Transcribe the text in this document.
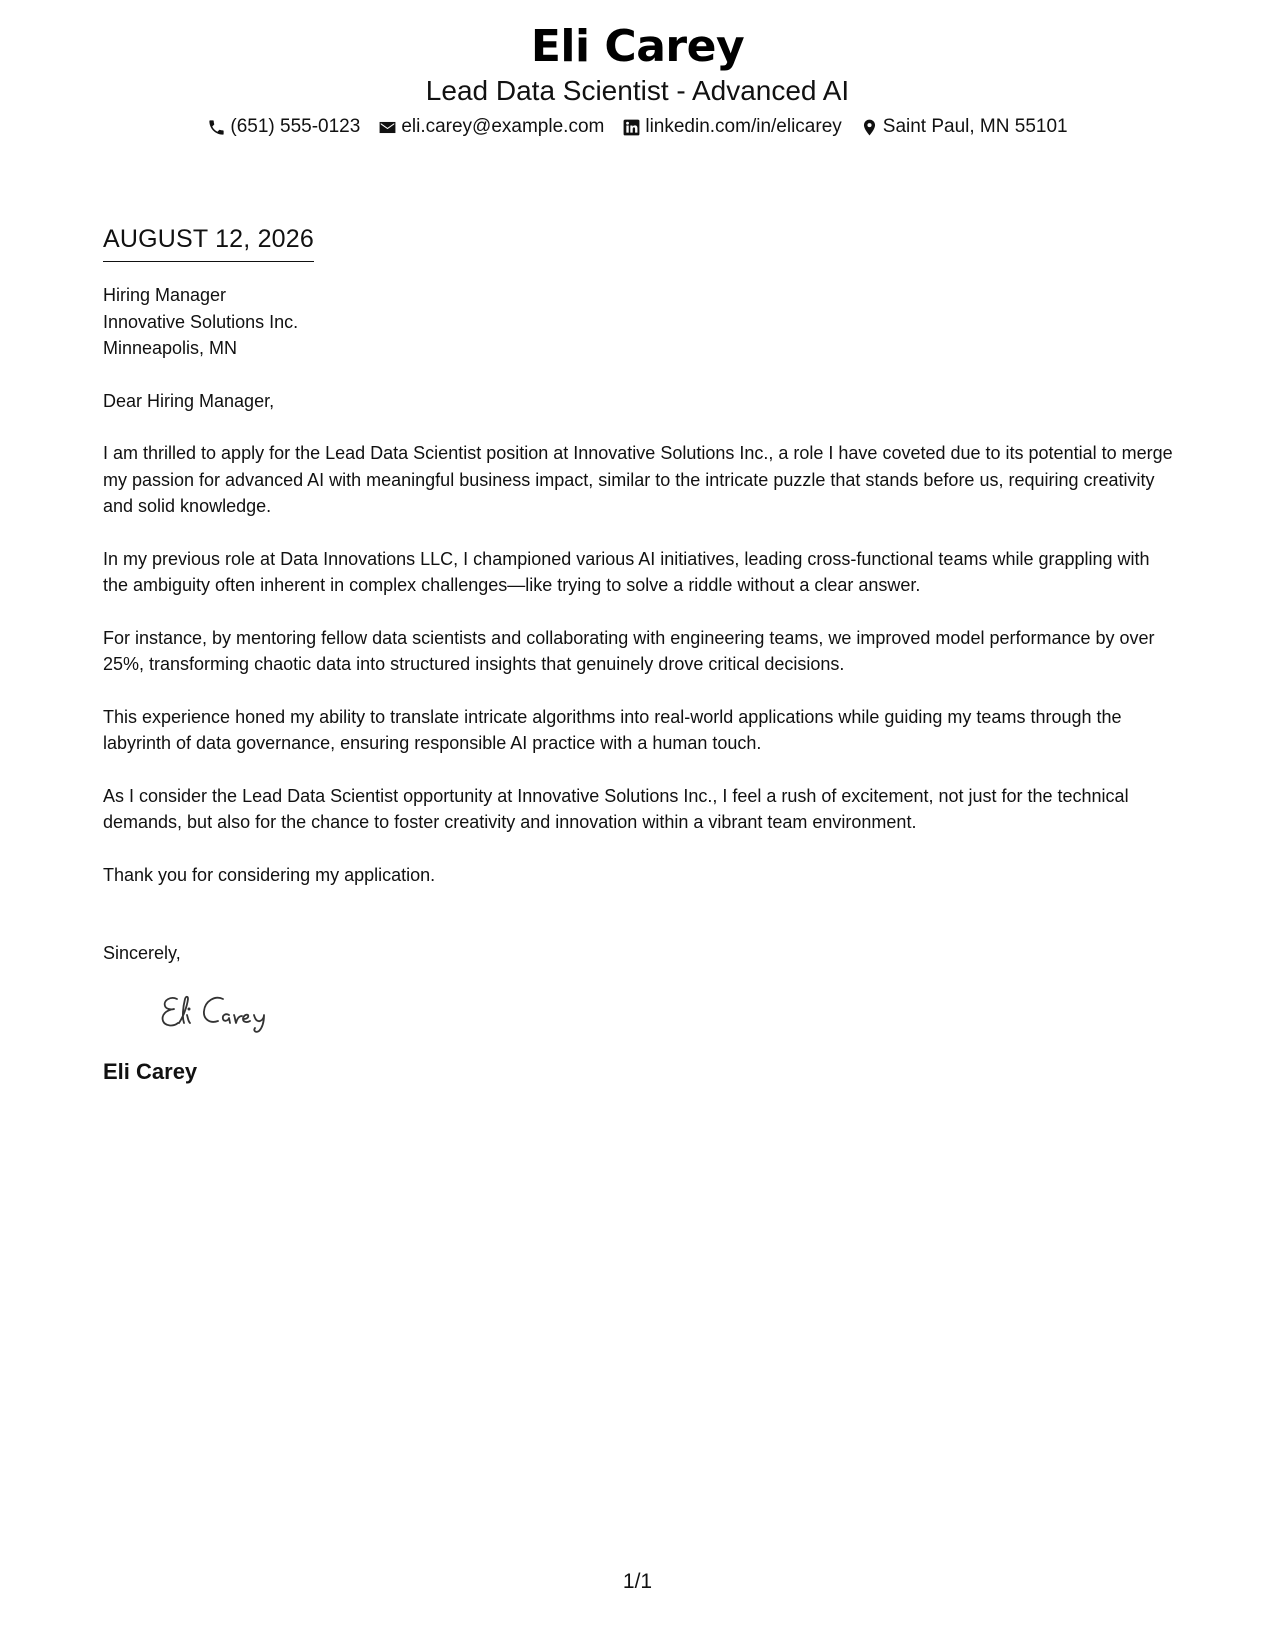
Eli Carey
Lead Data Scientist - Advanced AI
(651) 555-0123 eli.carey@example.com linkedin.com/in/elicarey Saint Paul, MN 55101
AUGUST 12, 2026
Hiring Manager
Innovative Solutions Inc.
Minneapolis, MN
Dear Hiring Manager,
I am thrilled to apply for the Lead Data Scientist position at Innovative Solutions Inc., a role I have coveted due to its potential to merge my passion for advanced AI with meaningful business impact, similar to the intricate puzzle that stands before us, requiring creativity and solid knowledge.
In my previous role at Data Innovations LLC, I championed various AI initiatives, leading cross-functional teams while grappling with the ambiguity often inherent in complex challenges—like trying to solve a riddle without a clear answer.
For instance, by mentoring fellow data scientists and collaborating with engineering teams, we improved model performance by over 25%, transforming chaotic data into structured insights that genuinely drove critical decisions.
This experience honed my ability to translate intricate algorithms into real-world applications while guiding my teams through the labyrinth of data governance, ensuring responsible AI practice with a human touch.
As I consider the Lead Data Scientist opportunity at Innovative Solutions Inc., I feel a rush of excitement, not just for the technical demands, but also for the chance to foster creativity and innovation within a vibrant team environment.
Thank you for considering my application.
Sincerely,
Eli Carey
1/1
